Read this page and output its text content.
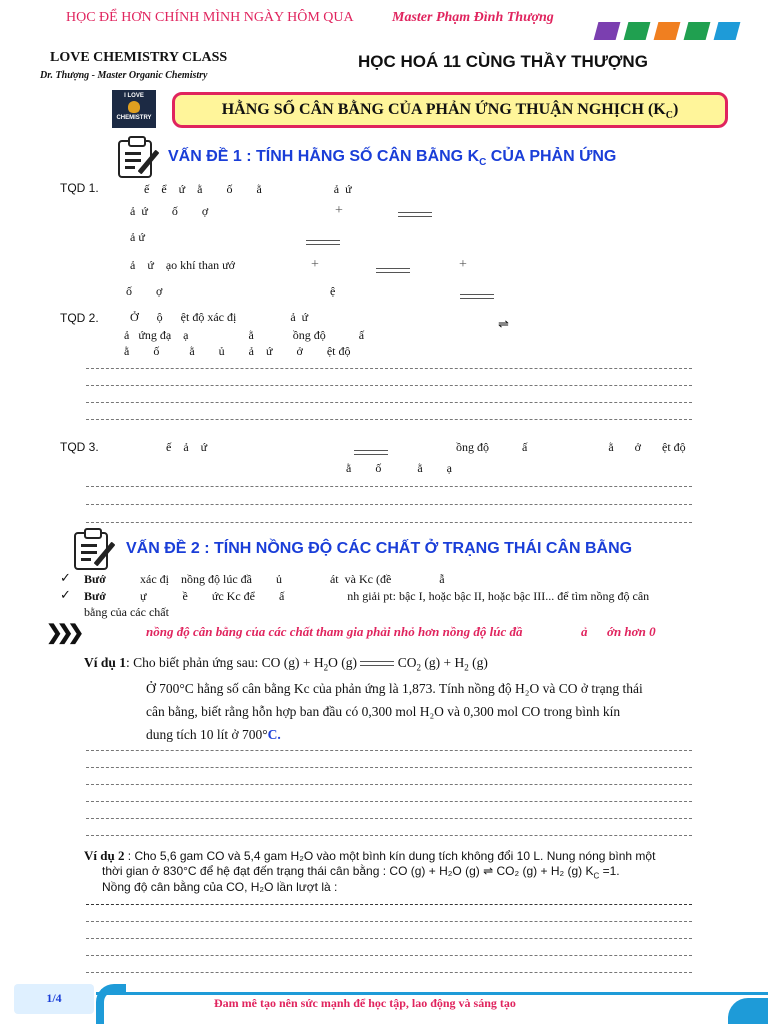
HỌC ĐỂ HƠN CHÍNH MÌNH NGÀY HÔM QUA	Master Phạm Đình Thượng
LOVE CHEMISTRY CLASS
Dr. Thượng - Master Organic Chemistry
HỌC HOÁ 11 CÙNG THẦY THƯỢNG
I LOVE
CHEMISTRY	HẰNG SỐ CÂN BẰNG CỦA PHẢN ỨNG THUẬN NGHỊCH $(K_C)$
VẤN ĐỀ 1 : TÍNH HẰNG SỐ CÂN BẰNG $K_C$ CỦA PHẢN ỨNG
TQD 1.	ế    ể    ứ    ằ        ố        ằ                        ả  ứ
ả  ứ        ố        ợ	+
ả ứ
ả    ứ    ạo khí than ướ	+	+
ố        ợ	ệ
TQD 2.	Ở      ộ      ệt độ xác đị                  ả  ứ	⇌
ả   ứng đạ    ạ                    ằ             ồng độ           ấ
ằ        ố          ằ        ủ        ả    ứ        ở        ệt độ
TQD 3.	ế    ả    ứ	ồng độ           ấ                           ằ       ở       ệt độ
ằ        ố            ằ        ạ
VẤN ĐỀ 2 : TÍNH NỒNG ĐỘ CÁC CHẤT Ở TRẠNG THÁI CÂN BẰNG
✓ Bướ	xác đị    nồng độ lúc đầ        ủ                át  và Kc (đề                ẫ
✓ Bướ	ự            ề        ức Kc để        ấ                     nh giải pt: bậc I, hoặc bậc II, hoặc bậc III... để tìm nồng độ cân
bằng của các chất
❯❯❯	nồng độ cân bằng của các chất tham gia phải nhỏ hơn nồng độ lúc đầ                  ả      ớn hơn 0
Ví dụ 1: Cho biết phản ứng sau: CO $(g) + H_2O$ (g)	$CO_2$ $(g) + H_2$ (g)
Ở 700°C hằng số cân bằng Kc của phản ứng là 1,873. Tính nồng độ H₂O và CO ở trạng thái
cân bằng, biết rằng hỗn hợp ban đầu có 0,300 mol H₂O và 0,300 mol CO trong bình kín
dung tích 10 lít ở 700°C.
Ví dụ 2 : Cho 5,6 gam CO và 5,4 gam H₂O vào một bình kín dung tích không đổi 10 L. Nung nóng bình một
thời gian ở 830°C để hệ đạt đến trạng thái cân bằng : CO (g) + H₂O (g) ⇌ CO₂ (g) + H₂ (g) $K_C =1$.
Nồng độ cân bằng của CO, H₂O lần lượt là :
1/4	Đam mê tạo nên sức mạnh để học tập, lao động và sáng tạo
